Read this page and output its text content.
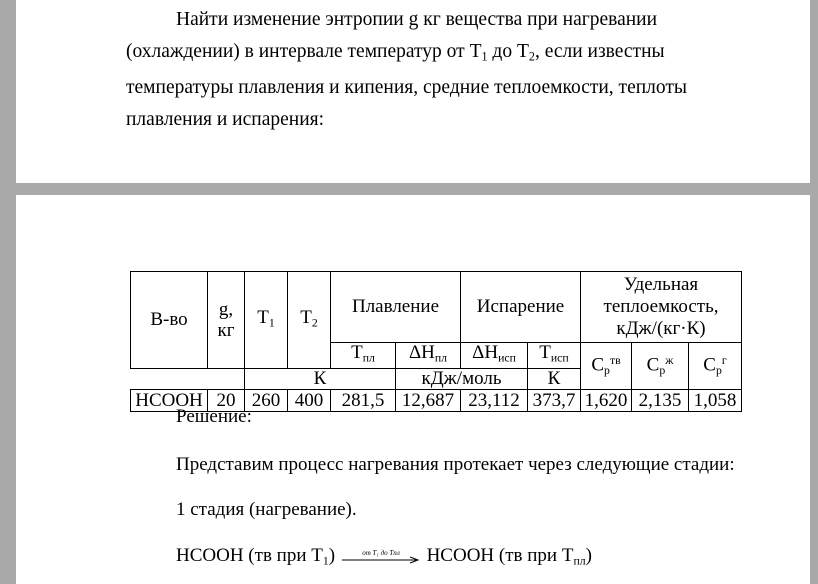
Найти изменение энтропии g кг вещества при нагревании (охлаждении) в интервале температур от $T_1$ до $T_2$, если известны температуры плавления и кипения, средние теплоемкости, теплоты плавления и испарения:

В-во	g, кг	$T_1$	$T_2$	Плавление		Испарение		Удельная теплоемкость, кДж/(кг·К)		
				$T_{пл}$	$\Delta Н_{пл}$	$\Delta Н_{исп}$	$T_{исп}$	$C_p^{тв}$	$C_p^ж$	$C_p^г$
		К			кДж/моль		К			
HCOOH	20	260	400	281,5	12,687	23,112	373,7	1,620	2,135	1,058

Решение:

Представим процесс нагревания протекает через следующие стадии:

1 стадия (нагревание).

HCOOH (тв при $T_1$)	от T₁ до Tпл HCOOH (тв при $T_{пл}$)
